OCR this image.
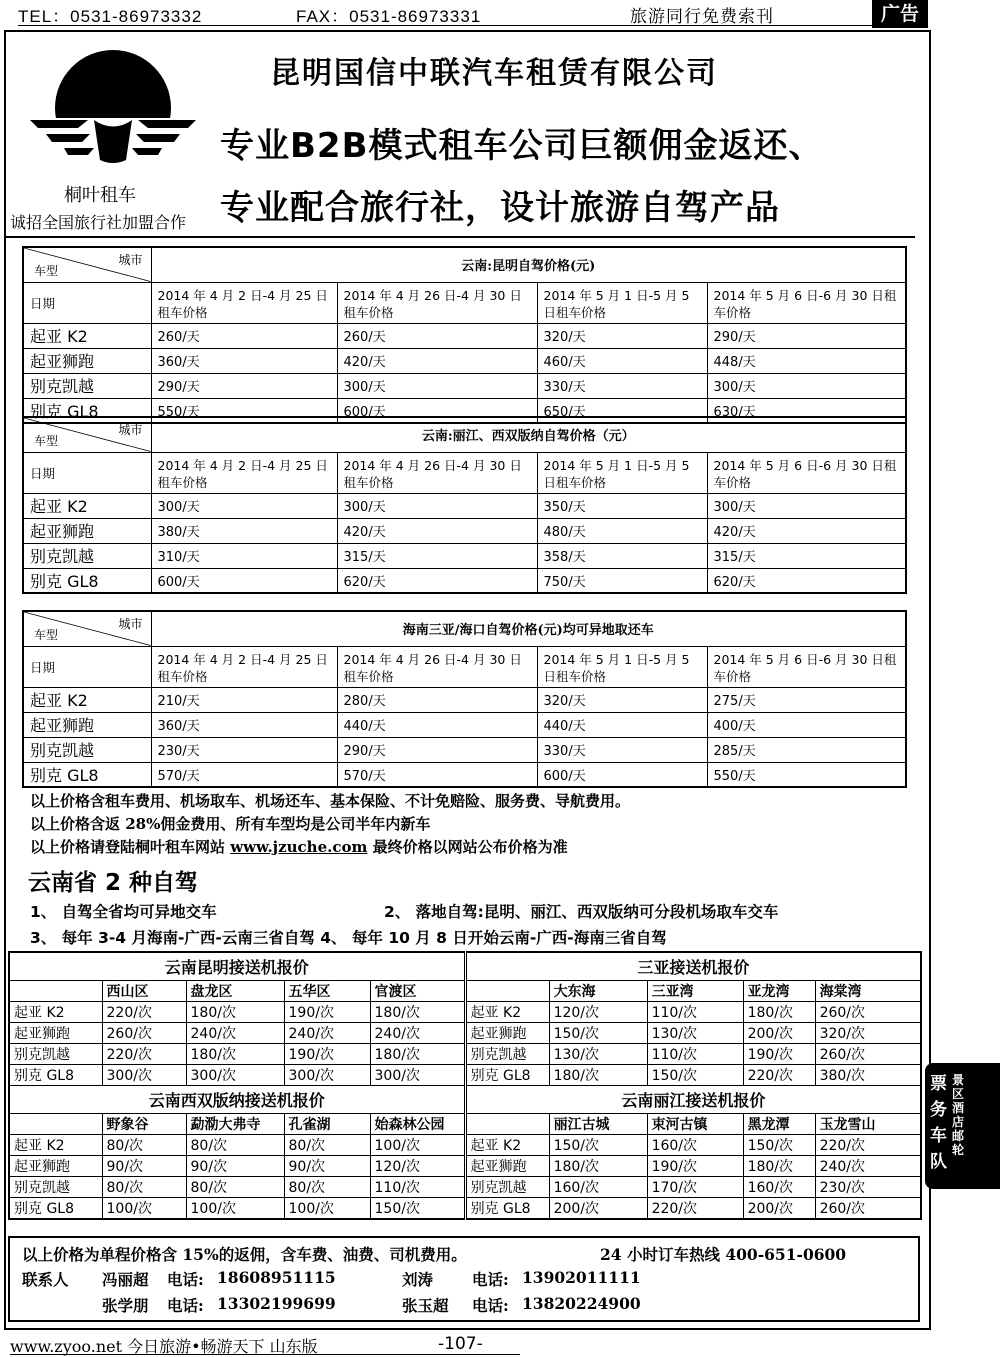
TEL：0531-86973332	FAX：0531-86973331	旅游同行免费索刊	广告
桐叶租车
诚招全国旅行社加盟合作
昆明国信中联汽车租赁有限公司
专业B2B模式租车公司巨额佣金返还、
专业配合旅行社，设计旅游自驾产品
城市
车型	云南:昆明自驾价格(元)			
日期	2014 年 4 月 2 日-4 月 25 日租车价格	2014 年 4 月 26 日-4 月 30 日租车价格	2014 年 5 月 1 日-5 月 5 日租车价格	2014 年 5 月 6 日-6 月 30 日租车价格
起亚 K2	260/天	260/天	320/天	290/天
起亚狮跑	360/天	420/天	460/天	448/天
别克凯越	290/天	300/天	330/天	300/天
别克 GL8	550/天	600/天	650/天	630/天
城市
车型	云南:丽江、西双版纳自驾价格（元）			
日期	2014 年 4 月 2 日-4 月 25 日租车价格	2014 年 4 月 26 日-4 月 30 日租车价格	2014 年 5 月 1 日-5 月 5 日租车价格	2014 年 5 月 6 日-6 月 30 日租车价格
起亚 K2	300/天	300/天	350/天	300/天
起亚狮跑	380/天	420/天	480/天	420/天
别克凯越	310/天	315/天	358/天	315/天
别克 GL8	600/天	620/天	750/天	620/天
城市
车型	海南三亚/海口自驾价格(元)均可异地取还车			
日期	2014 年 4 月 2 日-4 月 25 日租车价格	2014 年 4 月 26 日-4 月 30 日租车价格	2014 年 5 月 1 日-5 月 5 日租车价格	2014 年 5 月 6 日-6 月 30 日租车价格
起亚 K2	210/天	280/天	320/天	275/天
起亚狮跑	360/天	440/天	440/天	400/天
别克凯越	230/天	290/天	330/天	285/天
别克 GL8	570/天	570/天	600/天	550/天
以上价格含租车费用、机场取车、机场还车、基本保险、不计免赔险、服务费、导航费用。
以上价格含返 28%佣金费用、所有车型均是公司半年内新车
以上价格请登陆桐叶租车网站 www.jzuche.com 最终价格以网站公布价格为准
云南省 2 种自驾
1、 自驾全省均可异地交车	2、 落地自驾:昆明、丽江、西双版纳可分段机场取车交车
3、 每年 3-4 月海南-广西-云南三省自驾 4、 每年 10 月 8 日开始云南-广西-海南三省自驾
云南昆明接送机报价					三亚接送机报价				
	西山区	盘龙区	五华区	官渡区		大东海	三亚湾	亚龙湾	海棠湾
起亚 K2	220/次	180/次	190/次	180/次	起亚 K2	120/次	110/次	180/次	260/次
起亚狮跑	260/次	240/次	240/次	240/次	起亚狮跑	150/次	130/次	200/次	320/次
别克凯越	220/次	180/次	190/次	180/次	别克凯越	130/次	110/次	190/次	260/次
别克 GL8	300/次	300/次	300/次	300/次	别克 GL8	180/次	150/次	220/次	380/次
云南西双版纳接送机报价					云南丽江接送机报价				
	野象谷	勐泐大弗寺	孔雀湖	始森林公园		丽江古城	束河古镇	黑龙潭	玉龙雪山
起亚 K2	80/次	80/次	80/次	100/次	起亚 K2	150/次	160/次	150/次	220/次
起亚狮跑	90/次	90/次	90/次	120/次	起亚狮跑	180/次	190/次	180/次	240/次
别克凯越	80/次	80/次	80/次	110/次	别克凯越	160/次	170/次	160/次	230/次
别克 GL8	100/次	100/次	100/次	150/次	别克 GL8	200/次	220/次	200/次	260/次
以上价格为单程价格含 15%的返佣，含车费、油费、司机费用。	24 小时订车热线 400-651-0600
联系人 冯丽超 电话: 18608951115	刘涛	电话: 13902011111
张学朋 电话: 13302199699	张玉超 电话: 13820224900
票务车队
景区酒店邮轮
www.zyoo.net 今日旅游•畅游天下 山东版	-107-
